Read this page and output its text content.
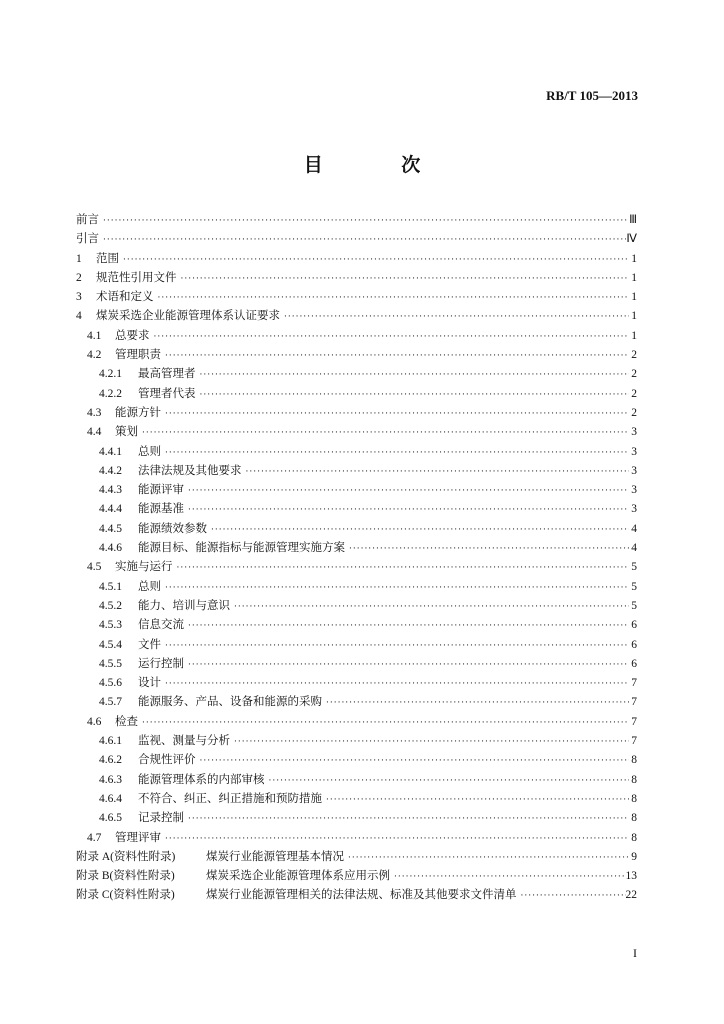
RB/T 105—2013
目 次
前言 ·····	Ⅲ
引言 ·····	Ⅳ
1	范围 ·····	1
2	规范性引用文件 ·····	1
3	术语和定义 ·····	1
4	煤炭采选企业能源管理体系认证要求 ·····	1
4.1	总要求 ·····	1
4.2	管理职责 ·····	2
4.2.1	最高管理者 ·····	2
4.2.2	管理者代表 ·····	2
4.3	能源方针 ·····	2
4.4	策划 ·····	3
4.4.1	总则 ·····	3
4.4.2	法律法规及其他要求 ·····	3
4.4.3	能源评审 ·····	3
4.4.4	能源基准 ·····	3
4.4.5	能源绩效参数 ·····	4
4.4.6	能源目标、能源指标与能源管理实施方案 ·····	4
4.5	实施与运行 ·····	5
4.5.1	总则 ·····	5
4.5.2	能力、培训与意识 ·····	5
4.5.3	信息交流 ·····	6
4.5.4	文件 ·····	6
4.5.5	运行控制 ·····	6
4.5.6	设计 ·····	7
4.5.7	能源服务、产品、设备和能源的采购 ·····	7
4.6	检查 ·····	7
4.6.1	监视、测量与分析 ·····	7
4.6.2	合规性评价 ·····	8
4.6.3	能源管理体系的内部审核 ·····	8
4.6.4	不符合、纠正、纠正措施和预防措施 ·····	8
4.6.5	记录控制 ·····	8
4.7	管理评审 ·····	8
附录 A(资料性附录)	煤炭行业能源管理基本情况 ·····	9
附录 B(资料性附录)	煤炭采选企业能源管理体系应用示例 ·····	13
附录 C(资料性附录)	煤炭行业能源管理相关的法律法规、标准及其他要求文件清单 ·····	22
I
